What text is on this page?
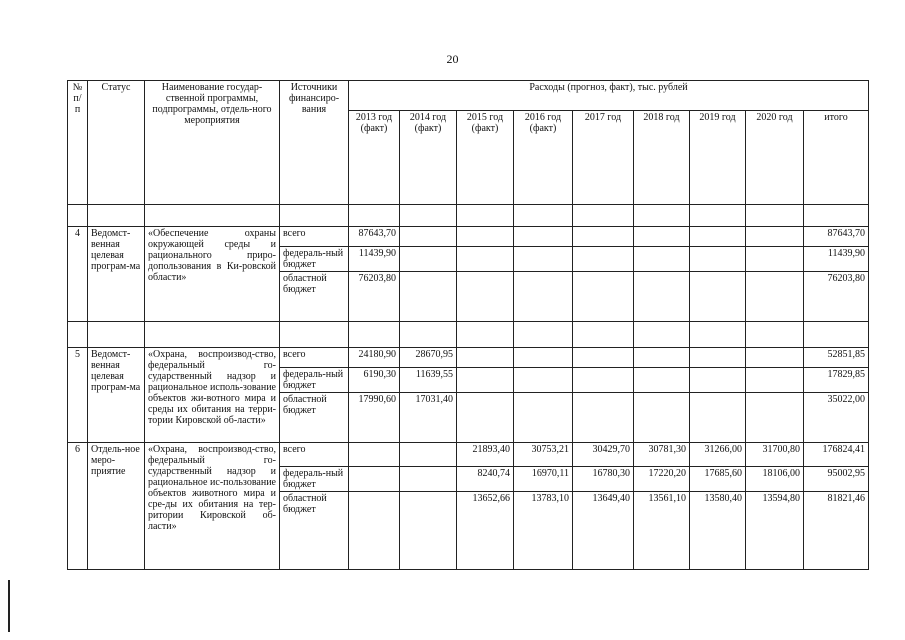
20
№ п/п	Статус	Наименование государ-ственной программы, подпрограммы, отдель-ного мероприятия	Источники финансиро-вания	Расходы (прогноз, факт), тыс. рублей								
				2013 год (факт)	2014 год (факт)	2015 год (факт)	2016 год (факт)	2017 год	2018 год	2019 год	2020 год	итого

4	Ведомст-венная целевая програм-ма	«Обеспечение охраны окружающей среды и рационального приро-допользования в Ки-ровской области»	всего	87643,70								87643,70
			федераль-ный бюджет	11439,90								11439,90
			областной бюджет	76203,80								76203,80

5	Ведомст-венная целевая програм-ма	«Охрана, воспроизвод-ство, федеральный го-сударственный надзор и рациональное исполь-зование объектов жи-вотного мира и среды их обитания на терри-тории Кировской об-ласти»	всего	24180,90	28670,95							52851,85
			федераль-ный бюджет	6190,30	11639,55							17829,85
			областной бюджет	17990,60	17031,40							35022,00
6	Отдель-ное меро-приятие	«Охрана, воспроизвод-ство, федеральный го-сударственный надзор и рациональное ис-пользование объектов животного мира и сре-ды их обитания на тер-ритории Кировской об-ласти»	всего			21893,40	30753,21	30429,70	30781,30	31266,00	31700,80	176824,41
			федераль-ный бюджет			8240,74	16970,11	16780,30	17220,20	17685,60	18106,00	95002,95
			областной бюджет			13652,66	13783,10	13649,40	13561,10	13580,40	13594,80	81821,46
